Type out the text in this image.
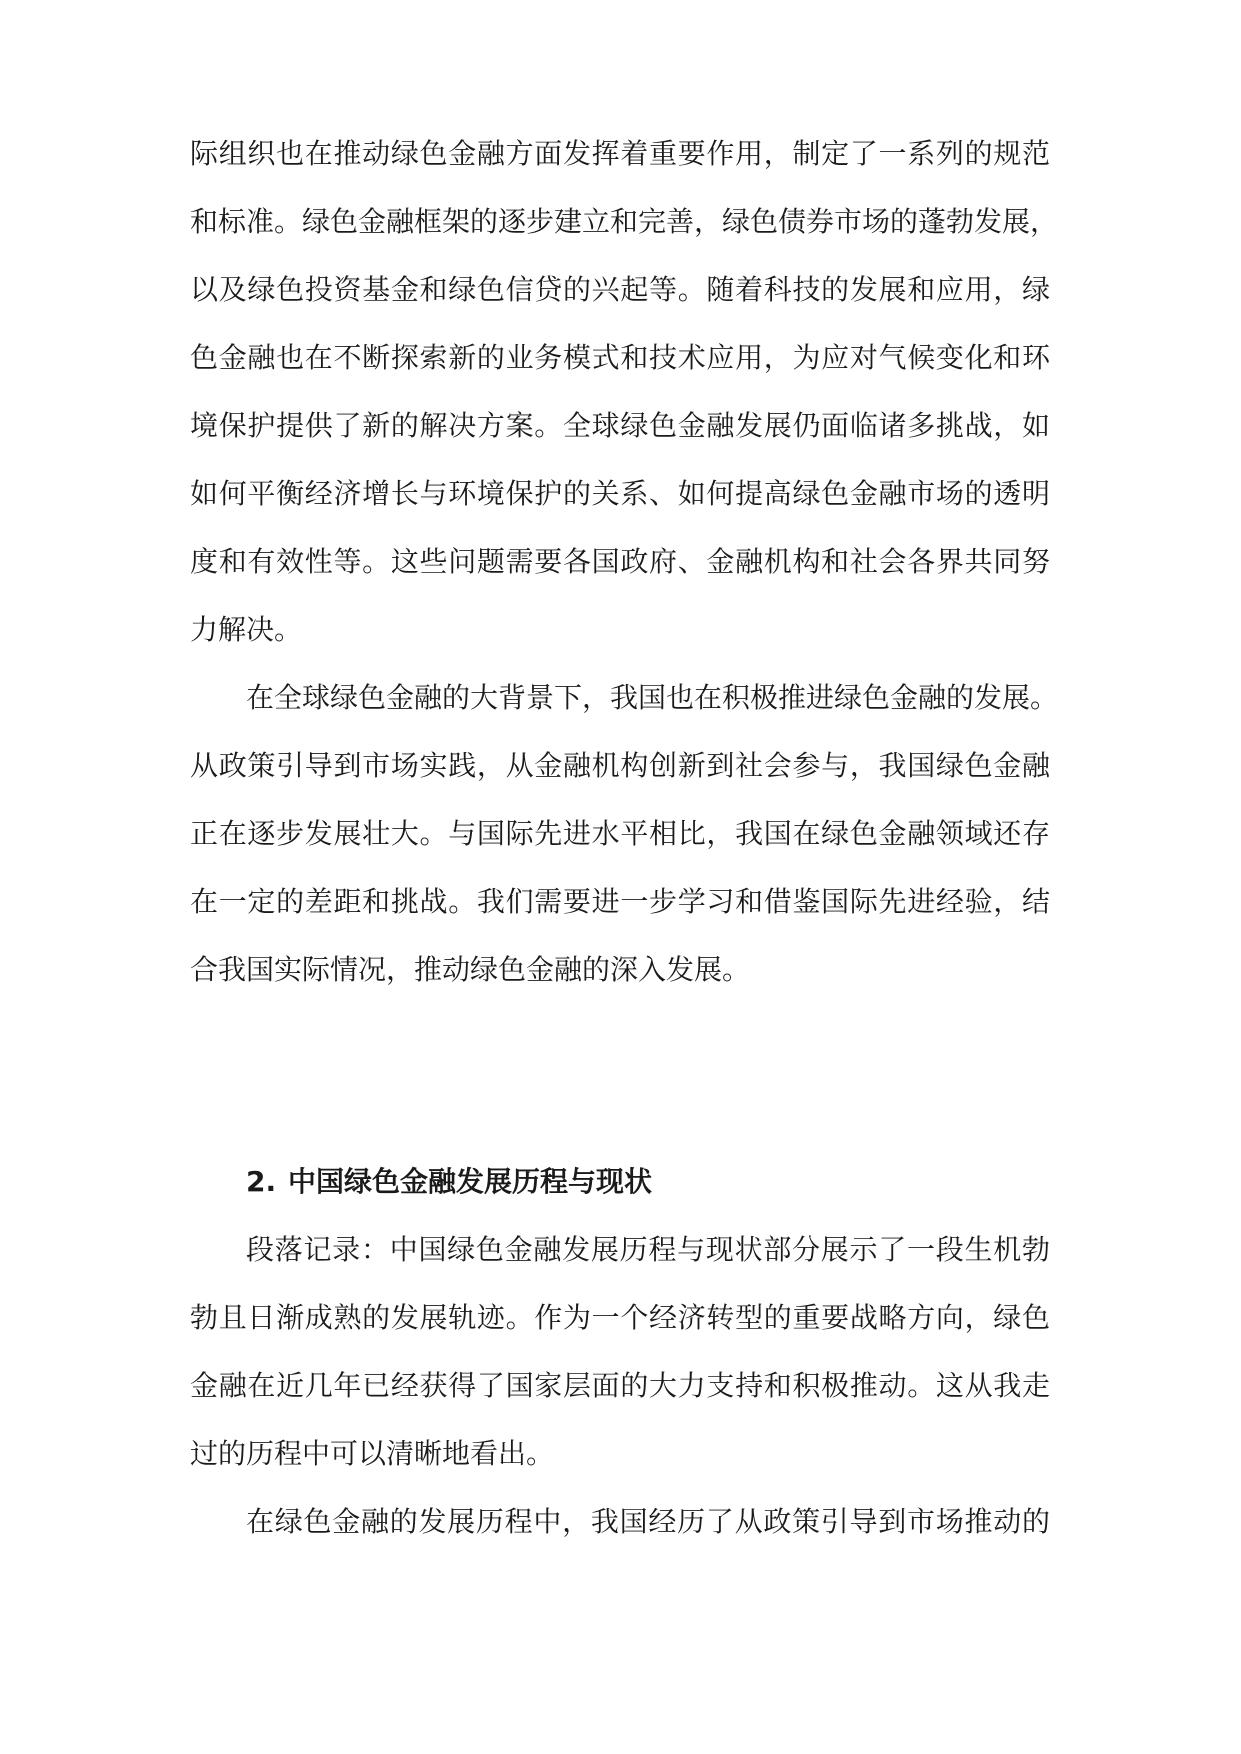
际组织也在推动绿色金融方面发挥着重要作用，制定了一系列的规范
和标准。绿色金融框架的逐步建立和完善，绿色债券市场的蓬勃发展，
以及绿色投资基金和绿色信贷的兴起等。随着科技的发展和应用，绿
色金融也在不断探索新的业务模式和技术应用，为应对气候变化和环
境保护提供了新的解决方案。全球绿色金融发展仍面临诸多挑战，如
如何平衡经济增长与环境保护的关系、如何提高绿色金融市场的透明
度和有效性等。这些问题需要各国政府、金融机构和社会各界共同努
力解决。
在全球绿色金融的大背景下，我国也在积极推进绿色金融的发展。
从政策引导到市场实践，从金融机构创新到社会参与，我国绿色金融
正在逐步发展壮大。与国际先进水平相比，我国在绿色金融领域还存
在一定的差距和挑战。我们需要进一步学习和借鉴国际先进经验，结
合我国实际情况，推动绿色金融的深入发展。
2. 中国绿色金融发展历程与现状
段落记录：中国绿色金融发展历程与现状部分展示了一段生机勃
勃且日渐成熟的发展轨迹。作为一个经济转型的重要战略方向，绿色
金融在近几年已经获得了国家层面的大力支持和积极推动。这从我走
过的历程中可以清晰地看出。
在绿色金融的发展历程中，我国经历了从政策引导到市场推动的
